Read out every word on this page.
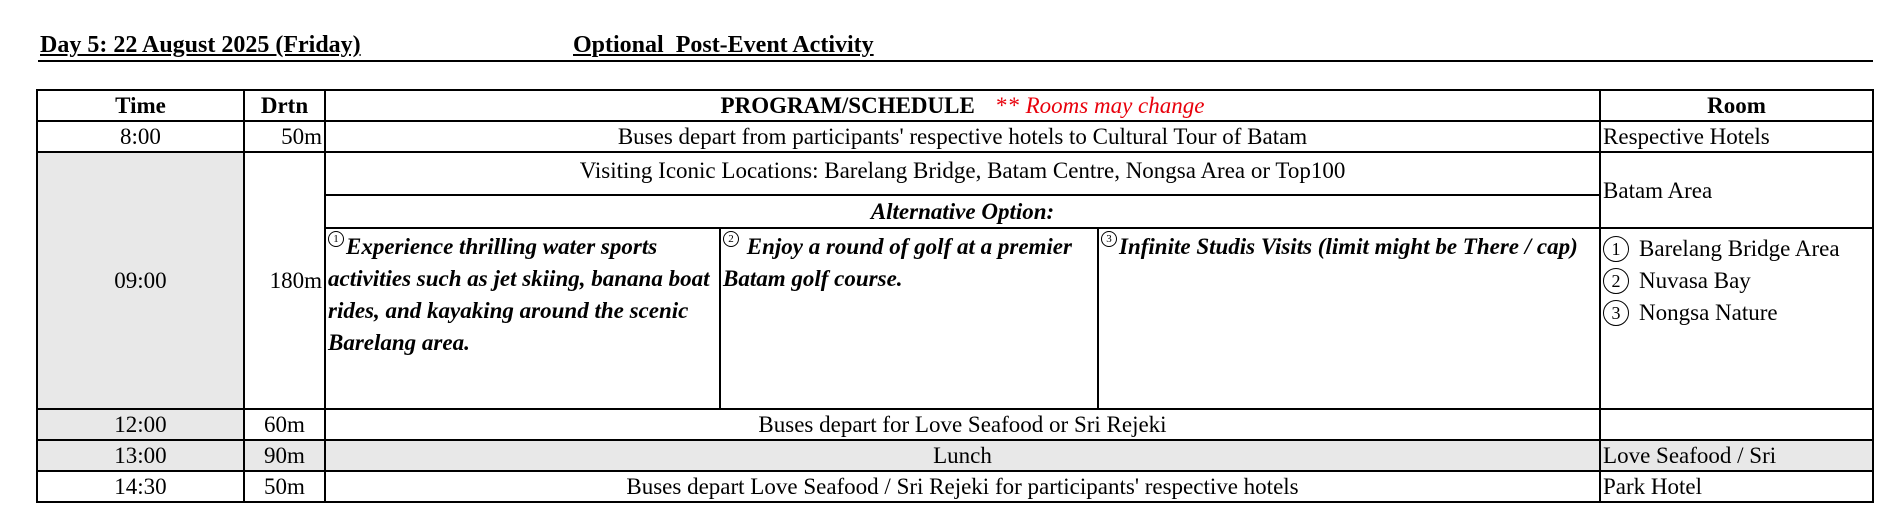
Day 5: 22 August 2025 (Friday)	Optional  Post-Event Activity
Time	Drtn	PROGRAM/SCHEDULE ** Rooms may change			Room
8:00	50m	Buses depart from participants' respective hotels to Cultural Tour of Batam			Respective Hotels
09:00	180m	Visiting Iconic Locations: Barelang Bridge, Batam Centre, Nongsa Area or Top100			Batam Area
		Alternative Option:			
		1 Experience thrilling water sports activities such as jet skiing, banana boat rides, and kayaking around the scenic Barelang area.	2 Enjoy a round of golf at a premier Batam golf course.	3 Infinite Studis Visits (limit might be There / cap)	1 Barelang Bridge Area
2 Nuvasa Bay
3 Nongsa Nature

12:00	60m	Buses depart for Love Seafood or Sri Rejeki			
13:00	90m	Lunch			Love Seafood / Sri
14:30	50m	Buses depart Love Seafood / Sri Rejeki for participants' respective hotels			Park Hotel
